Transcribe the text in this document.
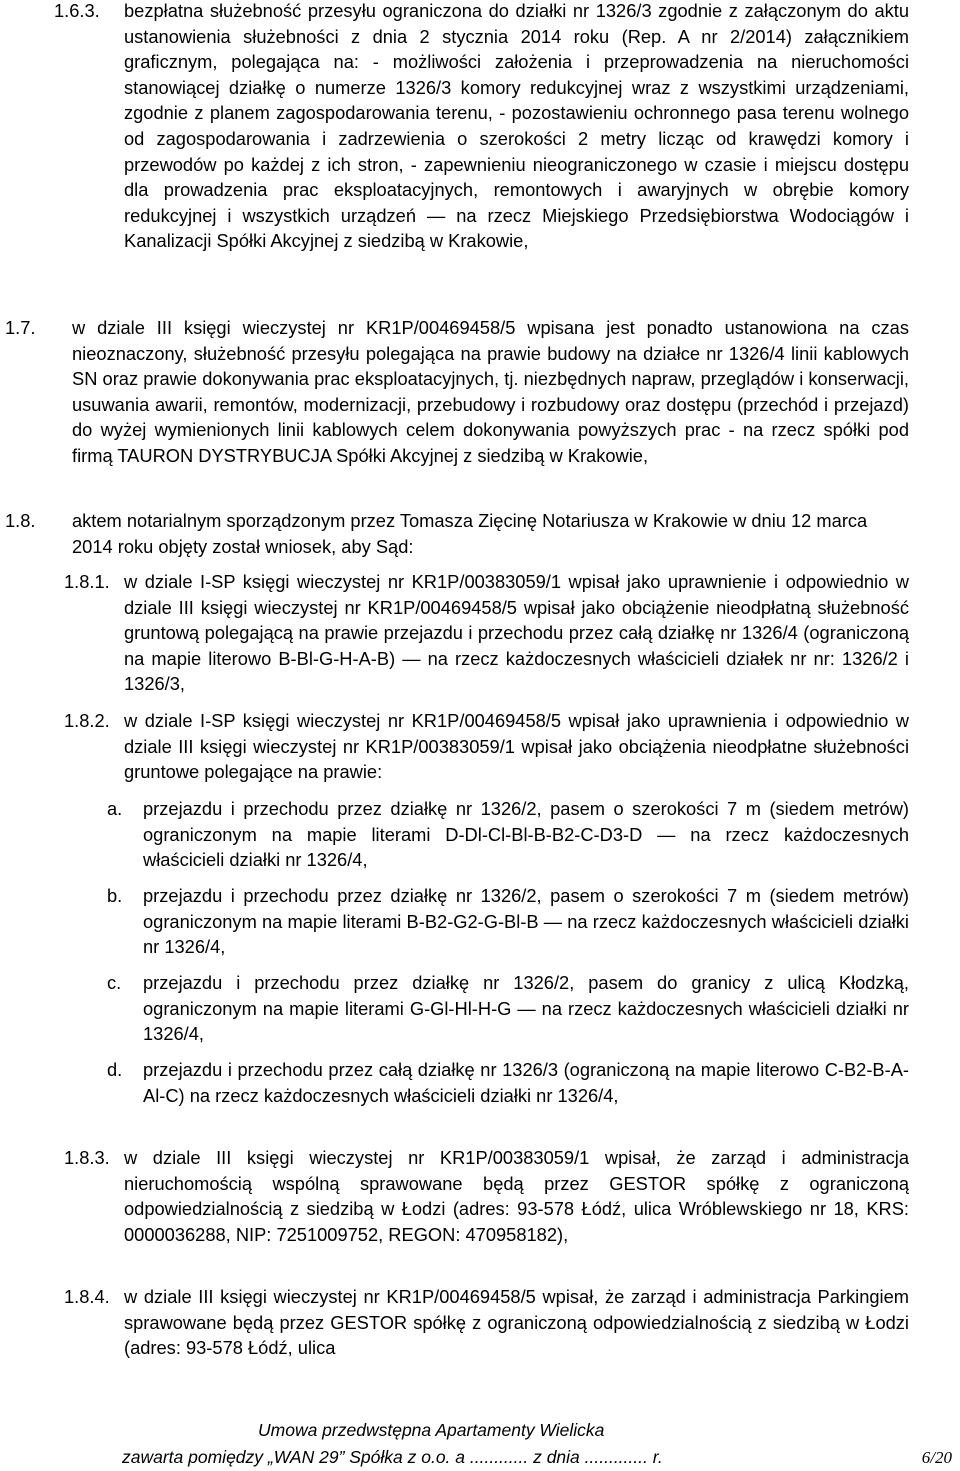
1.6.3. bezpłatna służebność przesyłu ograniczona do działki nr 1326/3 zgodnie z załączonym do aktu ustanowienia służebności z dnia 2 stycznia 2014 roku (Rep. A nr 2/2014) załącznikiem graficznym, polegająca na: - możliwości założenia i przeprowadzenia na nieruchomości stanowiącej działkę o numerze 1326/3 komory redukcyjnej wraz z wszystkimi urządzeniami, zgodnie z planem zagospodarowania terenu, - pozostawieniu ochronnego pasa terenu wolnego od zagospodarowania i zadrzewienia o szerokości 2 metry licząc od krawędzi komory i przewodów po każdej z ich stron, - zapewnieniu nieograniczonego w czasie i miejscu dostępu dla prowadzenia prac eksploatacyjnych, remontowych i awaryjnych w obrębie komory redukcyjnej i wszystkich urządzeń — na rzecz Miejskiego Przedsiębiorstwa Wodociągów i Kanalizacji Spółki Akcyjnej z siedzibą w Krakowie,
1.7. w dziale III księgi wieczystej nr KR1P/00469458/5 wpisana jest ponadto ustanowiona na czas nieoznaczony, służebność przesyłu polegająca na prawie budowy na działce nr 1326/4 linii kablowych SN oraz prawie dokonywania prac eksploatacyjnych, tj. niezbędnych napraw, przeglądów i konserwacji, usuwania awarii, remontów, modernizacji, przebudowy i rozbudowy oraz dostępu (przechód i przejazd) do wyżej wymienionych linii kablowych celem dokonywania powyższych prac - na rzecz spółki pod firmą TAURON DYSTRYBUCJA Spółki Akcyjnej z siedzibą w Krakowie,
1.8. aktem notarialnym sporządzonym przez Tomasza Zięcinę Notariusza w Krakowie w dniu 12 marca 2014 roku objęty został wniosek, aby Sąd:
1.8.1. w dziale I-SP księgi wieczystej nr KR1P/00383059/1 wpisał jako uprawnienie i odpowiednio w dziale III księgi wieczystej nr KR1P/00469458/5 wpisał jako obciążenie nieodpłatną służebność gruntową polegającą na prawie przejazdu i przechodu przez całą działkę nr 1326/4 (ograniczoną na mapie literowo B-Bl-G-H-A-B) — na rzecz każdoczesnych właścicieli działek nr nr: 1326/2 i 1326/3,
1.8.2. w dziale I-SP księgi wieczystej nr KR1P/00469458/5 wpisał jako uprawnienia i odpowiednio w dziale III księgi wieczystej nr KR1P/00383059/1 wpisał jako obciążenia nieodpłatne służebności gruntowe polegające na prawie:
a. przejazdu i przechodu przez działkę nr 1326/2, pasem o szerokości 7 m (siedem metrów) ograniczonym na mapie literami D-Dl-Cl-Bl-B-B2-C-D3-D — na rzecz każdoczesnych właścicieli działki nr 1326/4,
b. przejazdu i przechodu przez działkę nr 1326/2, pasem o szerokości 7 m (siedem metrów) ograniczonym na mapie literami B-B2-G2-G-Bl-B — na rzecz każdoczesnych właścicieli działki nr 1326/4,
c. przejazdu i przechodu przez działkę nr 1326/2, pasem do granicy z ulicą Kłodzką, ograniczonym na mapie literami G-Gl-Hl-H-G — na rzecz każdoczesnych właścicieli działki nr 1326/4,
d. przejazdu i przechodu przez całą działkę nr 1326/3 (ograniczoną na mapie literowo C-B2-B-A-Al-C) na rzecz każdoczesnych właścicieli działki nr 1326/4,
1.8.3. w dziale III księgi wieczystej nr KR1P/00383059/1 wpisał, że zarząd i administracja nieruchomością wspólną sprawowane będą przez GESTOR spółkę z ograniczoną odpowiedzialnością z siedzibą w Łodzi (adres: 93-578 Łódź, ulica Wróblewskiego nr 18, KRS: 0000036288, NIP: 7251009752, REGON: 470958182),
1.8.4. w dziale III księgi wieczystej nr KR1P/00469458/5 wpisał, że zarząd i administracja Parkingiem sprawowane będą przez GESTOR spółkę z ograniczoną odpowiedzialnością z siedzibą w Łodzi (adres: 93-578 Łódź, ulica
Umowa przedwstępna Apartamenty Wielicka
zawarta pomiędzy „WAN 29” Spółka z o.o. a ............ z dnia ............. r.	6/20
